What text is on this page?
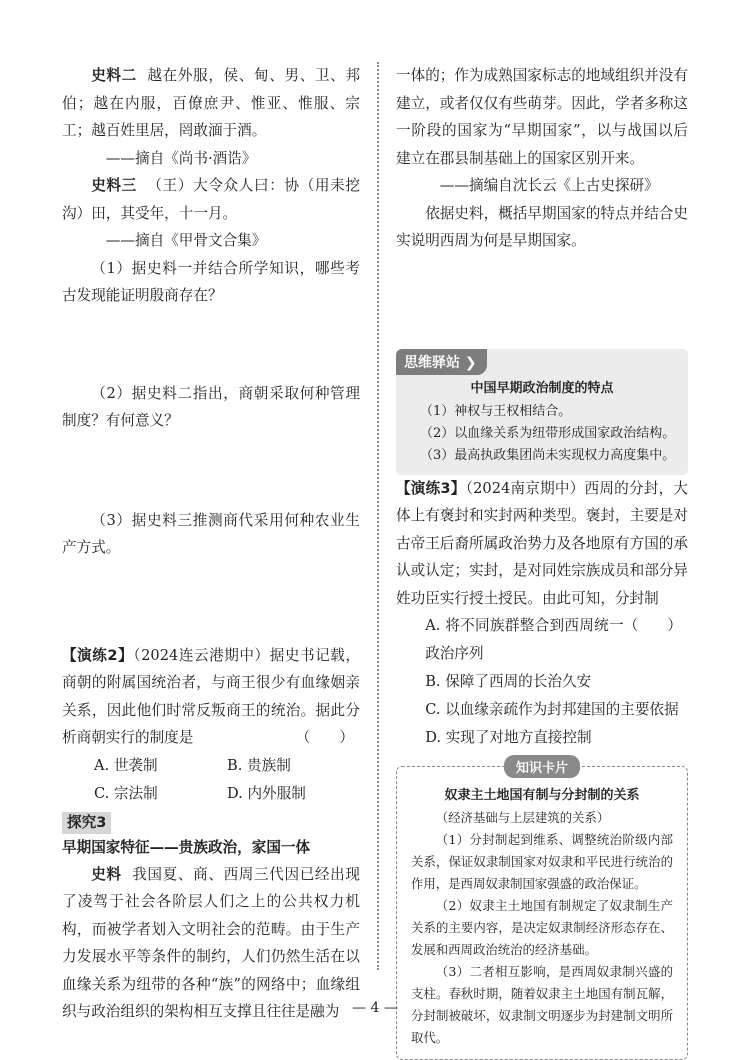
史料二 越在外服，侯、甸、男、卫、邦伯；越在内服，百僚庶尹、惟亚、惟服、宗工；越百姓里居，罔敢湎于酒。

——摘自《尚书·酒诰》

史料三 （王）大令众人曰：协（用耒挖沟）田，其受年，十一月。

——摘自《甲骨文合集》

（1）据史料一并结合所学知识，哪些考古发现能证明殷商存在？

（2）据史料二指出，商朝采取何种管理制度？有何意义？

（3）据史料三推测商代采用何种农业生产方式。

【演练2】（2024连云港期中）据史书记载，商朝的附属国统治者，与商王很少有血缘姻亲关系，因此他们时常反叛商王的统治。据此分析商朝实行的制度是	（　　）

A. 世袭制	B. 贵族制
C. 宗法制	D. 内外服制
探究3
早期国家特征——贵族政治，家国一体

史料 我国夏、商、西周三代因已经出现了凌驾于社会各阶层人们之上的公共权力机构，而被学者划入文明社会的范畴。由于生产力发展水平等条件的制约，人们仍然生活在以血缘关系为纽带的各种“族”的网络中；血缘组织与政治组织的架构相互支撑且往往是融为

一体的；作为成熟国家标志的地域组织并没有建立，或者仅仅有些萌芽。因此，学者多称这一阶段的国家为“早期国家”，以与战国以后建立在郡县制基础上的国家区别开来。

——摘编自沈长云《上古史探研》

依据史料，概括早期国家的特点并结合史实说明西周为何是早期国家。

思维驿站 ❯
中国早期政治制度的特点
（1）神权与王权相结合。
（2）以血缘关系为纽带形成国家政治结构。
（3）最高执政集团尚未实现权力高度集中。

【演练3】（2024南京期中）西周的分封，大体上有褒封和实封两种类型。褒封，主要是对古帝王后裔所属政治势力及各地原有方国的承认或认定；实封，是对同姓宗族成员和部分异姓功臣实行授土授民。由此可知，分封制
（　　）

A. 将不同族群整合到西周统一政治序列

B. 保障了西周的长治久安

C. 以血缘亲疏作为封邦建国的主要依据

D. 实现了对地方直接控制

知识卡片
奴隶主土地国有制与分封制的关系

（经济基础与上层建筑的关系）

（1）分封制起到维系、调整统治阶级内部关系，保证奴隶制国家对奴隶和平民进行统治的作用，是西周奴隶制国家强盛的政治保证。

（2）奴隶主土地国有制规定了奴隶制生产关系的主要内容，是决定奴隶制经济形态存在、发展和西周政治统治的经济基础。

（3）二者相互影响，是西周奴隶制兴盛的支柱。春秋时期，随着奴隶主土地国有制瓦解，分封制被破坏，奴隶制文明逐步为封建制文明所取代。

— 4 —
